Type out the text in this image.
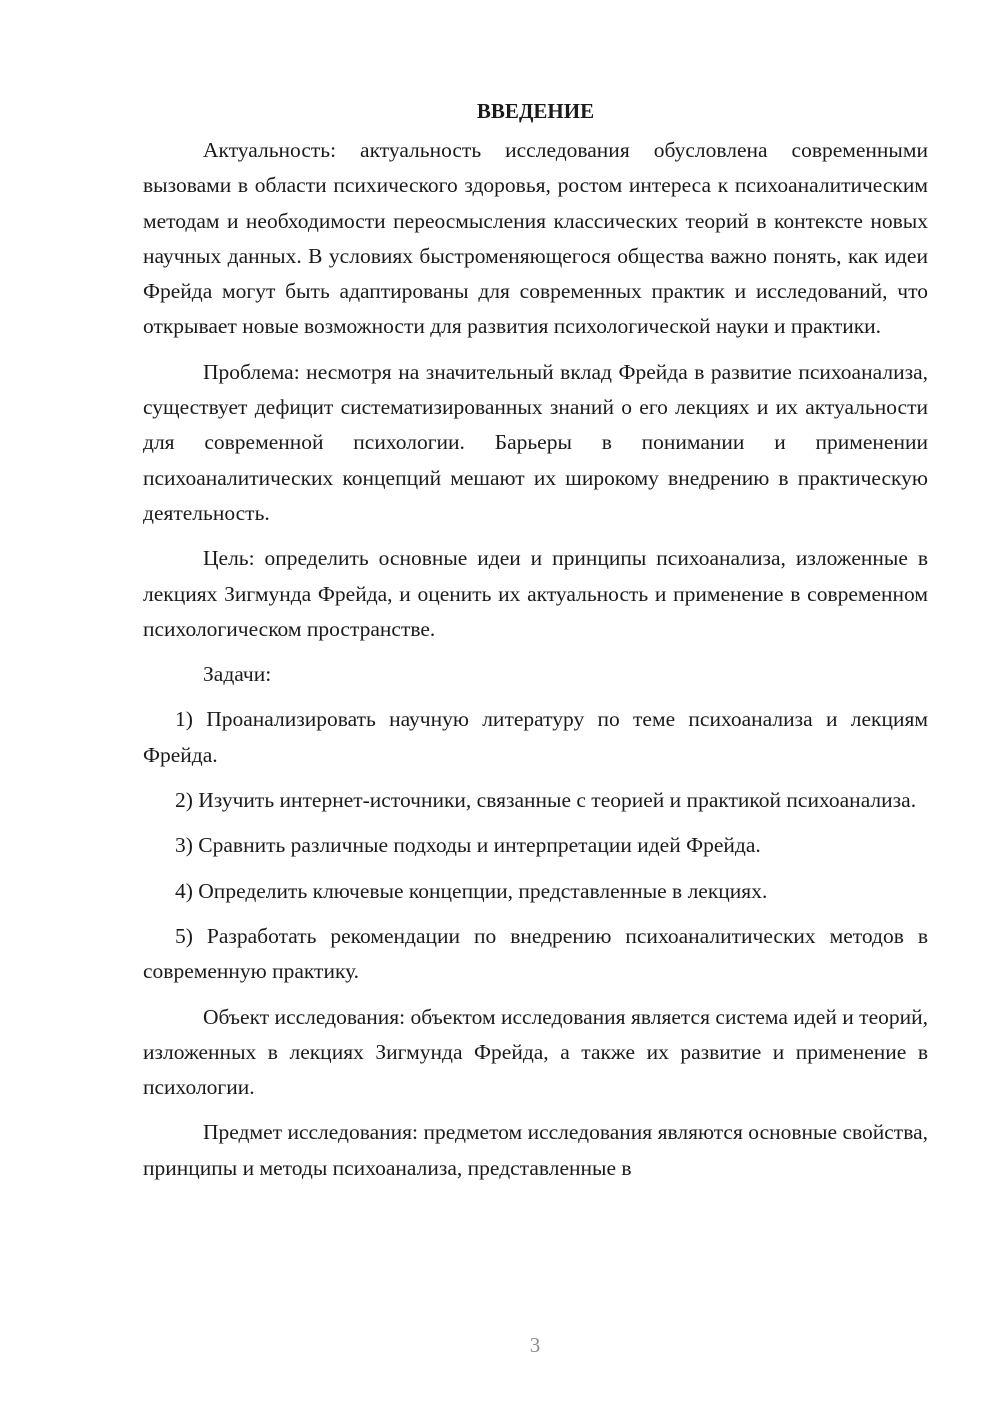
ВВЕДЕНИЕ

Актуальность: актуальность исследования обусловлена современными вызовами в области психического здоровья, ростом интереса к психоаналитическим методам и необходимости переосмысления классических теорий в контексте новых научных данных. В условиях быстроменяющегося общества важно понять, как идеи Фрейда могут быть адаптированы для современных практик и исследований, что открывает новые возможности для развития психологической науки и практики.

Проблема: несмотря на значительный вклад Фрейда в развитие психоанализа, существует дефицит систематизированных знаний о его лекциях и их актуальности для современной психологии. Барьеры в понимании и применении психоаналитических концепций мешают их широкому внедрению в практическую деятельность.

Цель: определить основные идеи и принципы психоанализа, изложенные в лекциях Зигмунда Фрейда, и оценить их актуальность и применение в современном психологическом пространстве.

Задачи:

1) Проанализировать научную литературу по теме психоанализа и лекциям Фрейда.

2) Изучить интернет-источники, связанные с теорией и практикой психоанализа.

3) Сравнить различные подходы и интерпретации идей Фрейда.

4) Определить ключевые концепции, представленные в лекциях.

5) Разработать рекомендации по внедрению психоаналитических методов в современную практику.

Объект исследования: объектом исследования является система идей и теорий, изложенных в лекциях Зигмунда Фрейда, а также их развитие и применение в психологии.

Предмет исследования: предметом исследования являются основные свойства, принципы и методы психоанализа, представленные в

3
